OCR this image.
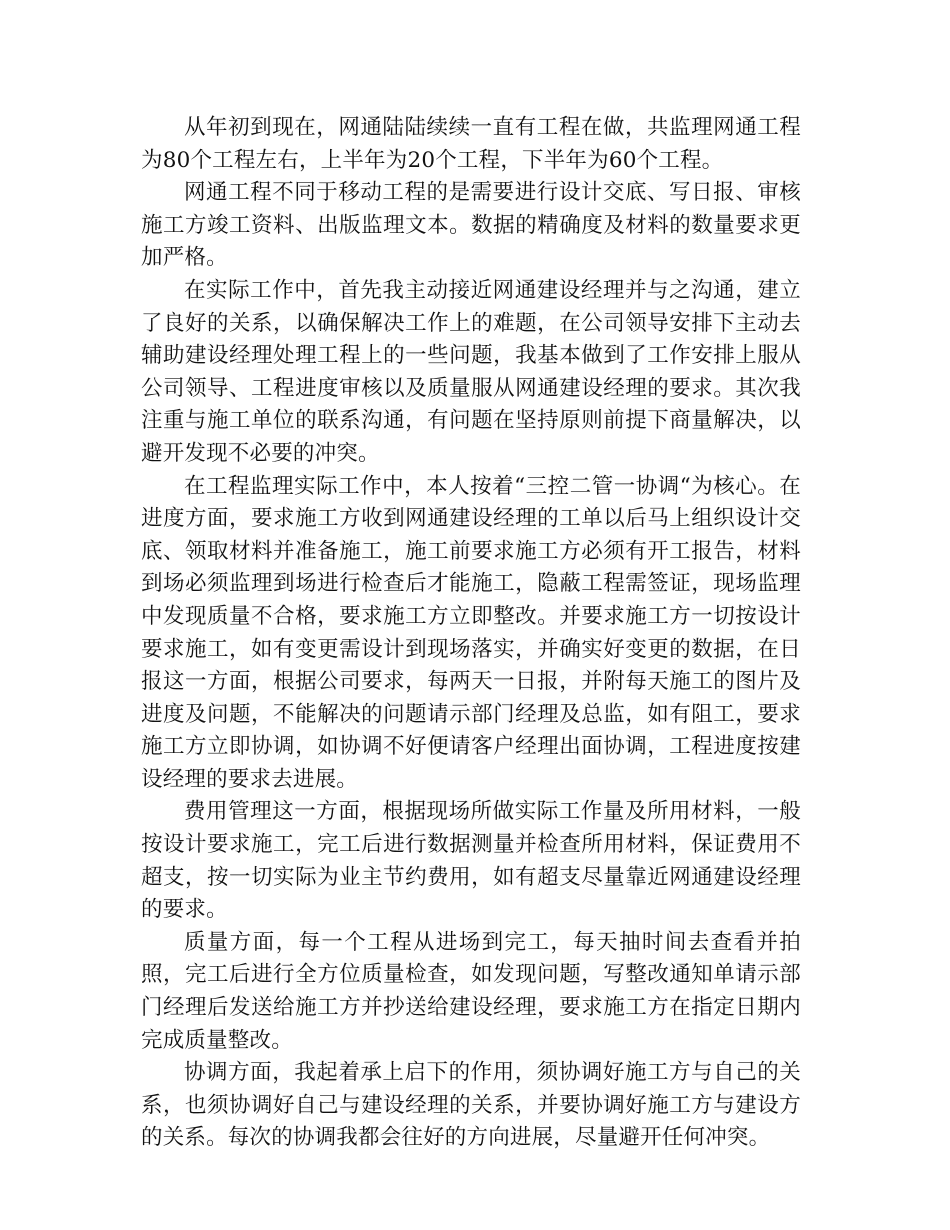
从年初到现在，网通陆陆续续一直有工程在做，共监理网通工程为80个工程左右，上半年为20个工程，下半年为60个工程。

网通工程不同于移动工程的是需要进行设计交底、写日报、审核施工方竣工资料、出版监理文本。数据的精确度及材料的数量要求更加严格。

在实际工作中，首先我主动接近网通建设经理并与之沟通，建立了良好的关系，以确保解决工作上的难题，在公司领导安排下主动去辅助建设经理处理工程上的一些问题，我基本做到了工作安排上服从公司领导、工程进度审核以及质量服从网通建设经理的要求。其次我注重与施工单位的联系沟通，有问题在坚持原则前提下商量解决，以避开发现不必要的冲突。

在工程监理实际工作中，本人按着“三控二管一协调“为核心。在进度方面，要求施工方收到网通建设经理的工单以后马上组织设计交底、领取材料并准备施工，施工前要求施工方必须有开工报告，材料到场必须监理到场进行检查后才能施工，隐蔽工程需签证，现场监理中发现质量不合格，要求施工方立即整改。并要求施工方一切按设计要求施工，如有变更需设计到现场落实，并确实好变更的数据，在日报这一方面，根据公司要求，每两天一日报，并附每天施工的图片及进度及问题，不能解决的问题请示部门经理及总监，如有阻工，要求施工方立即协调，如协调不好便请客户经理出面协调，工程进度按建设经理的要求去进展。

费用管理这一方面，根据现场所做实际工作量及所用材料，一般按设计要求施工，完工后进行数据测量并检查所用材料，保证费用不超支，按一切实际为业主节约费用，如有超支尽量靠近网通建设经理的要求。

质量方面，每一个工程从进场到完工，每天抽时间去查看并拍照，完工后进行全方位质量检查，如发现问题，写整改通知单请示部门经理后发送给施工方并抄送给建设经理，要求施工方在指定日期内完成质量整改。

协调方面，我起着承上启下的作用，须协调好施工方与自己的关系，也须协调好自己与建设经理的关系，并要协调好施工方与建设方的关系。每次的协调我都会往好的方向进展，尽量避开任何冲突。
